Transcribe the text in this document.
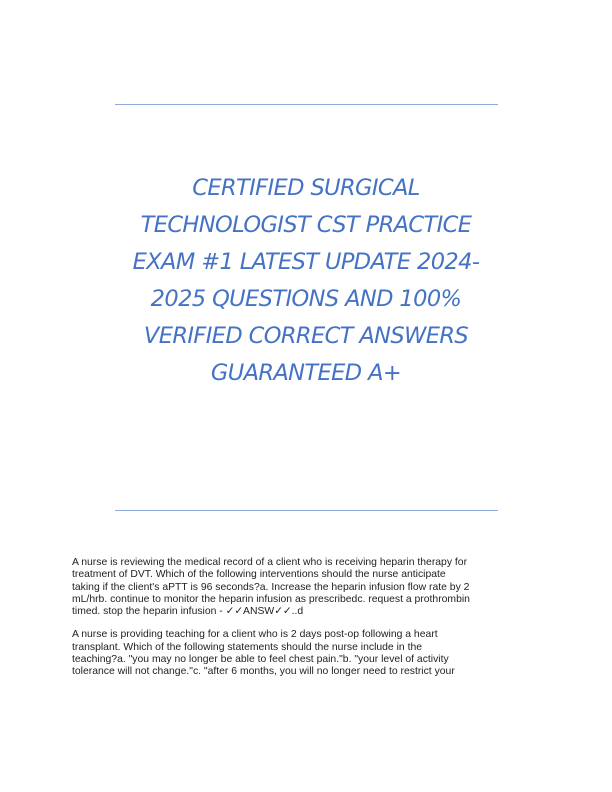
CERTIFIED SURGICAL
TECHNOLOGIST CST PRACTICE
EXAM #1 LATEST UPDATE 2024-
2025 QUESTIONS AND 100%
VERIFIED CORRECT ANSWERS
GUARANTEED A+
A nurse is reviewing the medical record of a client who is receiving heparin therapy for
treatment of DVT. Which of the following interventions should the nurse anticipate
taking if the client's aPTT is 96 seconds?a. Increase the heparin infusion flow rate by 2
mL/hrb. continue to monitor the heparin infusion as prescribedc. request a prothrombin
timed. stop the heparin infusion - ✓✓ANSW✓✓..d
A nurse is providing teaching for a client who is 2 days post-op following a heart
transplant. Which of the following statements should the nurse include in the
teaching?a. "you may no longer be able to feel chest pain."b. "your level of activity
tolerance will not change."c. "after 6 months, you will no longer need to restrict your
